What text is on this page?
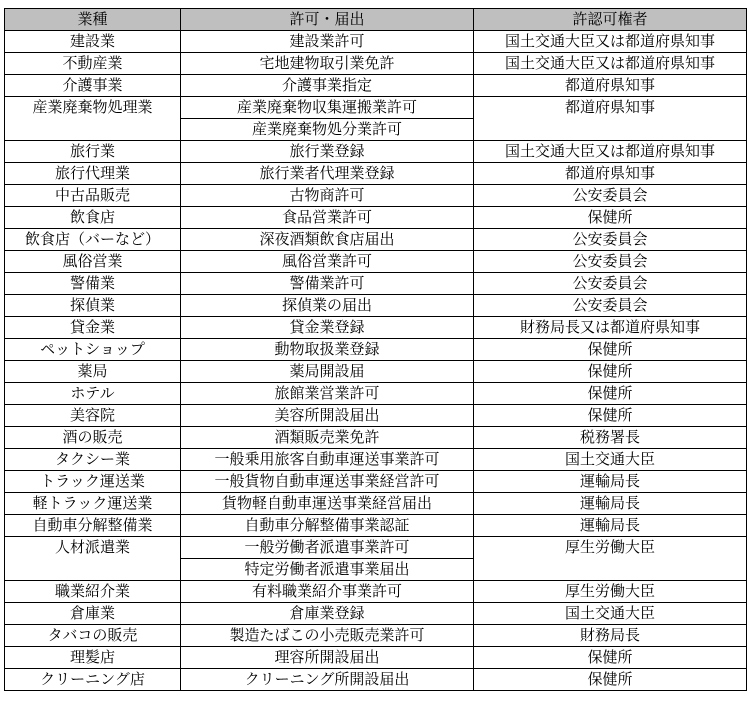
業種	許可・届出	許認可権者
建設業	建設業許可	国土交通大臣又は都道府県知事
不動産業	宅地建物取引業免許	国土交通大臣又は都道府県知事
介護事業	介護事業指定	都道府県知事
産業廃棄物処理業	産業廃棄物収集運搬業許可	都道府県知事
	産業廃棄物処分業許可	
旅行業	旅行業登録	国土交通大臣又は都道府県知事
旅行代理業	旅行業者代理業登録	都道府県知事
中古品販売	古物商許可	公安委員会
飲食店	食品営業許可	保健所
飲食店（バーなど）	深夜酒類飲食店届出	公安委員会
風俗営業	風俗営業許可	公安委員会
警備業	警備業許可	公安委員会
探偵業	探偵業の届出	公安委員会
貸金業	貸金業登録	財務局長又は都道府県知事
ペットショップ	動物取扱業登録	保健所
薬局	薬局開設届	保健所
ホテル	旅館業営業許可	保健所
美容院	美容所開設届出	保健所
酒の販売	酒類販売業免許	税務署長
タクシー業	一般乗用旅客自動車運送事業許可	国土交通大臣
トラック運送業	一般貨物自動車運送事業経営許可	運輸局長
軽トラック運送業	貨物軽自動車運送事業経営届出	運輸局長
自動車分解整備業	自動車分解整備事業認証	運輸局長
人材派遣業	一般労働者派遣事業許可	厚生労働大臣
	特定労働者派遣事業届出	
職業紹介業	有料職業紹介事業許可	厚生労働大臣
倉庫業	倉庫業登録	国土交通大臣
タバコの販売	製造たばこの小売販売業許可	財務局長
理髪店	理容所開設届出	保健所
クリーニング店	クリーニング所開設届出	保健所
